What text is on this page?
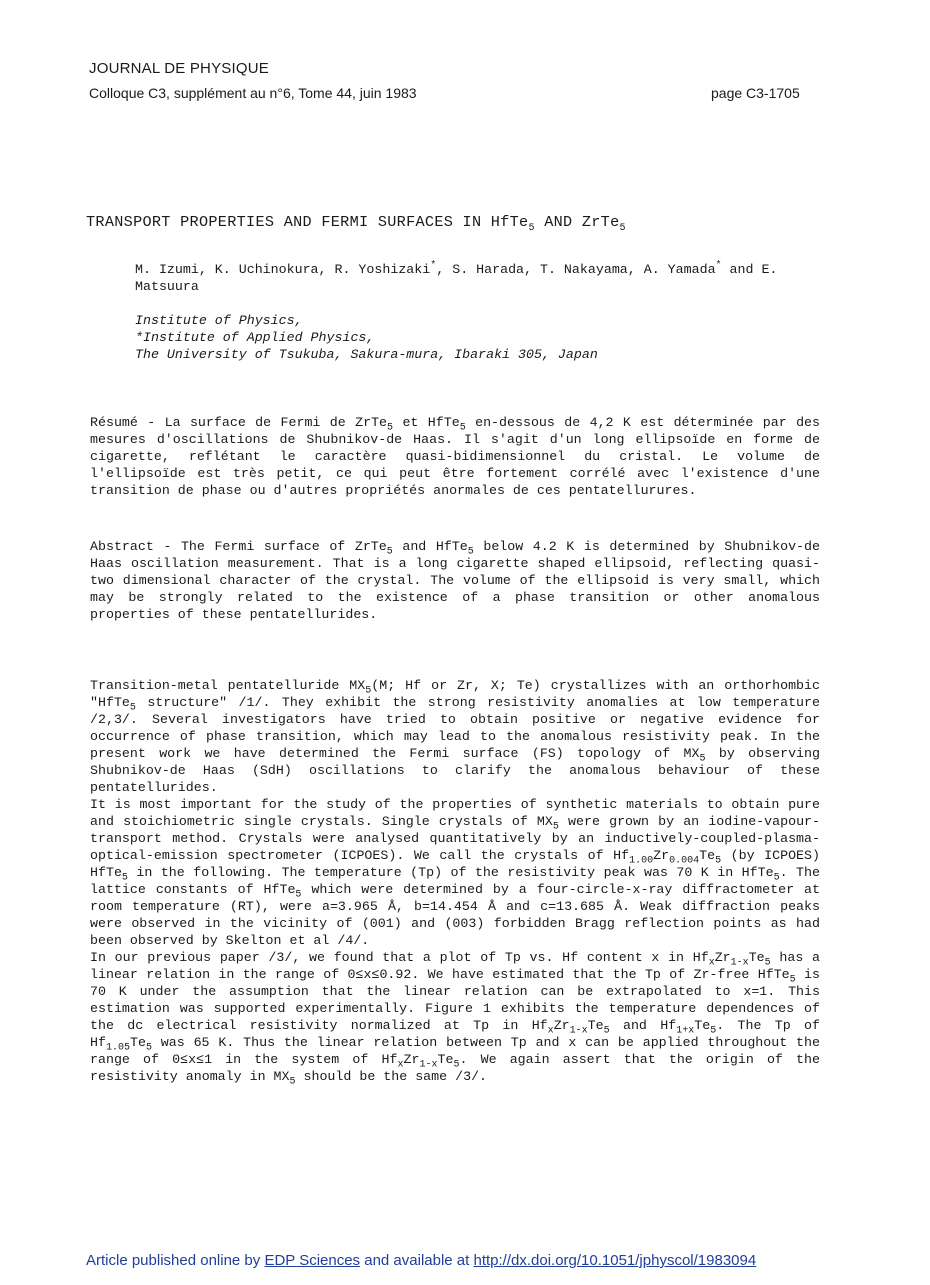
JOURNAL DE PHYSIQUE
Colloque C3, supplément au n°6, Tome 44, juin 1983	page C3-1705
TRANSPORT PROPERTIES AND FERMI SURFACES IN HfTe$_5$ AND ZrTe$_5$
M. Izumi, K. Uchinokura, R. Yoshizaki*, S. Harada, T. Nakayama, A. Yamada* and E. Matsuura
Institute of Physics,
*Institute of Applied Physics,
The University of Tsukuba, Sakura-mura, Ibaraki 305, Japan
Résumé - La surface de Fermi de ZrTe$_5$ et HfTe$_5$ en-dessous de 4,2 K est déterminée par des mesures d'oscillations de Shubnikov-de Haas. Il s'agit d'un long ellipsoïde en forme de cigarette, reflétant le caractère quasi-bidimensionnel du cristal. Le volume de l'ellipsoïde est très petit, ce qui peut être fortement corrélé avec l'existence d'une transition de phase ou d'autres propriétés anormales de ces pentatellurures.
Abstract - The Fermi surface of ZrTe$_5$ and HfTe$_5$ below 4.2 K is determined by Shubnikov-de Haas oscillation measurement. That is a long cigarette shaped ellipsoid, reflecting quasi-two dimensional character of the crystal. The volume of the ellipsoid is very small, which may be strongly related to the existence of a phase transition or other anomalous properties of these pentatellurides.

Transition-metal pentatelluride $MX_5(M$; Hf or Zr, X; Te) crystallizes with an orthorhombic "HfTe$_5$ structure" /1/. They exhibit the strong resistivity anomalies at low temperature /2,3/. Several investigators have tried to obtain positive or negative evidence for occurrence of phase transition, which may lead to the anomalous resistivity peak. In the present work we have determined the Fermi surface (FS) topology of $MX_5$ by observing Shubnikov-de Haas (SdH) oscillations to clarify the anomalous behaviour of these pentatellurides.

It is most important for the study of the properties of synthetic materials to obtain pure and stoichiometric single crystals. Single crystals of $MX_5$ were grown by an iodine-vapour-transport method. Crystals were analysed quantitatively by an inductively-coupled-plasma-optical-emission spectrometer (ICPOES). We call the crystals of $Hf_{1.00}Zr_{0.004}Te_5$ (by ICPOES) HfTe$_5$ in the following. The temperature (Tp) of the resistivity peak was 70 K in HfTe$_5$. The lattice constants of HfTe$_5$ which were determined by a four-circle-x-ray diffractometer at room temperature (RT), were a=3.965 Å, b=14.454 Å and c=13.685 Å. Weak diffraction peaks were observed in the vicinity of (001) and (003) forbidden Bragg reflection points as had been observed by Skelton et al /4/.

In our previous paper /3/, we found that a plot of Tp vs. Hf content x in $Hf_xZr_{1-x}Te_5$ has a linear relation in the range of 0≤x≤0.92. We have estimated that the Tp of Zr-free HfTe$_5$ is 70 K under the assumption that the linear relation can be extrapolated to x=1. This estimation was supported experimentally. Figure 1 exhibits the temperature dependences of the dc electrical resistivity normalized at Tp in $Hf_xZr_{1-x}Te_5$ and $Hf_{1+x}Te_5$. The Tp of $Hf_{1.05}Te_5$ was 65 K. Thus the linear relation between Tp and x can be applied throughout the range of 0≤x≤1 in the system of $Hf_xZr_{1-x}Te_5$. We again assert that the origin of the resistivity anomaly in $MX_5$ should be the same /3/.

Article published online by EDP Sciences and available at http://dx.doi.org/10.1051/jphyscol/1983094
